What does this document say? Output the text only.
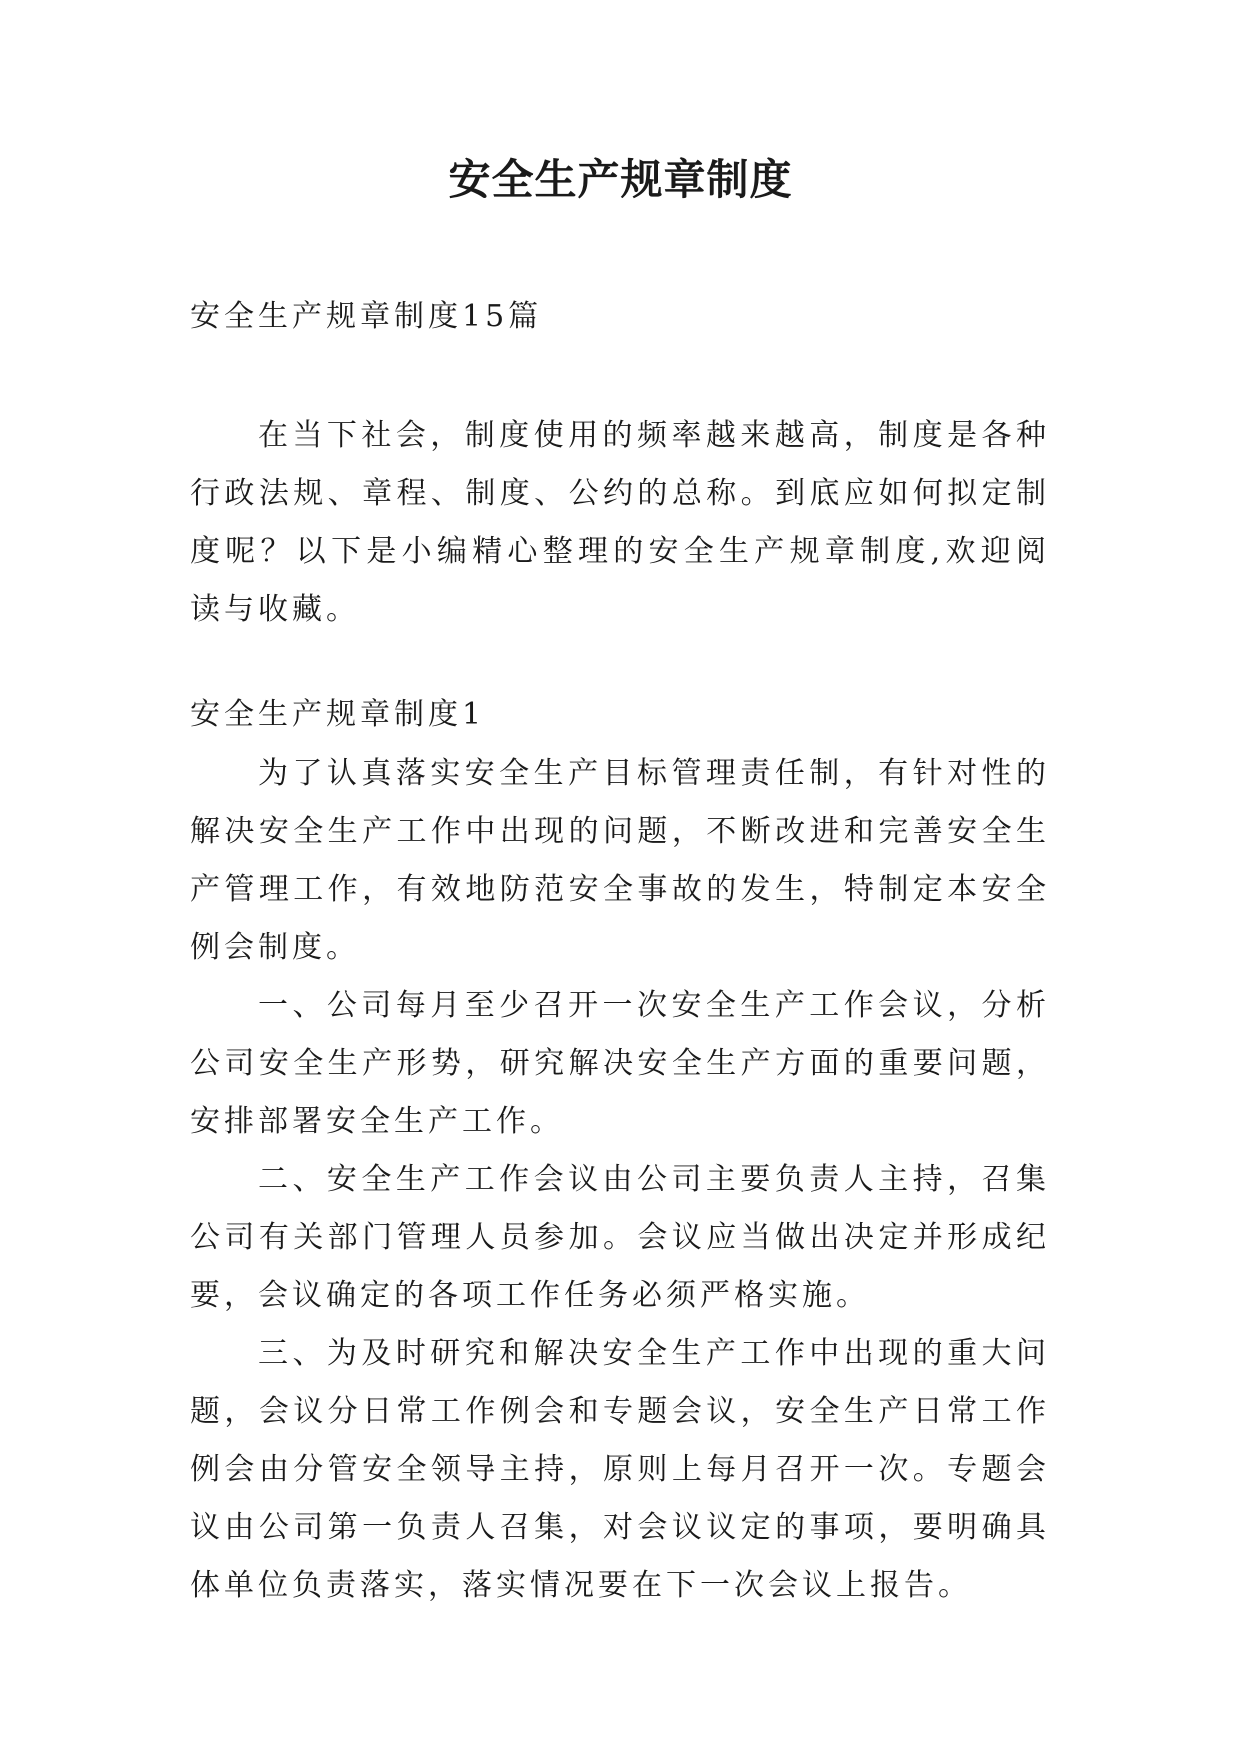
安全生产规章制度

安全生产规章制度15篇

在当下社会，制度使用的频率越来越高，制度是各种行政法规、章程、制度、公约的总称。到底应如何拟定制度呢？以下是小编精心整理的安全生产规章制度,欢迎阅读与收藏。

安全生产规章制度1

为了认真落实安全生产目标管理责任制，有针对性的解决安全生产工作中出现的问题，不断改进和完善安全生产管理工作，有效地防范安全事故的发生，特制定本安全例会制度。

一、公司每月至少召开一次安全生产工作会议，分析公司安全生产形势，研究解决安全生产方面的重要问题，安排部署安全生产工作。

二、安全生产工作会议由公司主要负责人主持，召集公司有关部门管理人员参加。会议应当做出决定并形成纪要，会议确定的各项工作任务必须严格实施。

三、为及时研究和解决安全生产工作中出现的重大问题，会议分日常工作例会和专题会议，安全生产日常工作例会由分管安全领导主持，原则上每月召开一次。专题会议由公司第一负责人召集，对会议议定的事项，要明确具体单位负责落实，落实情况要在下一次会议上报告。
